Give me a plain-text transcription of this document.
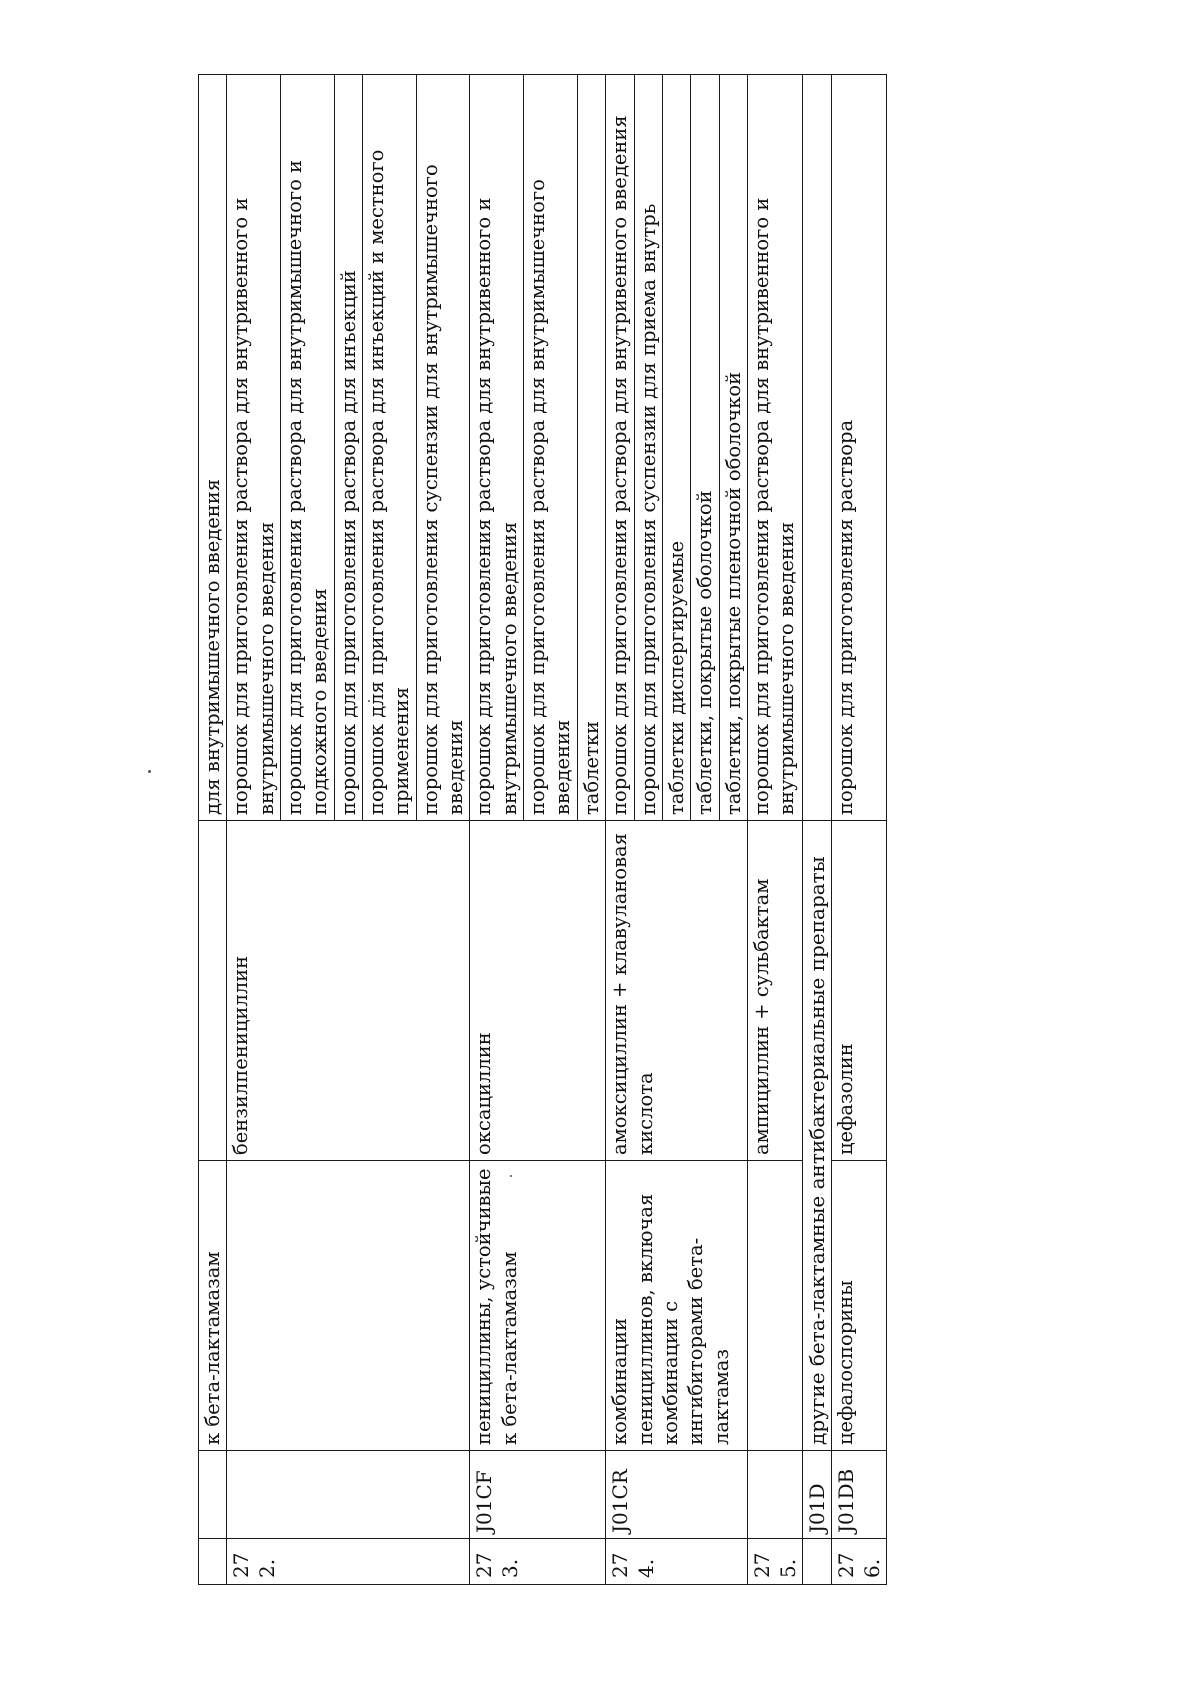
		к бета-лактамазам		для внутримышечного введения
272.			бензилпенициллин	порошок для приготовления раствора для внутривенного и внутримышечного введения
				порошок для приготовления раствора для внутримышечного и подкожного введения
				порошок для приготовления раствора для инъекций
				порошок для приготовления раствора для инъекций и местного применения
				порошок для приготовления суспензии для внутримышечного введения
273.	J01CF	пенициллины, устойчивые к бета-лактамазам	оксациллин	порошок для приготовления раствора для внутривенного и внутримышечного введения
				порошок для приготовления раствора для внутримышечного введения
				таблетки
274.	J01CR	комбинации пенициллинов, включая комбинации с ингибиторами бета-лактамаз	амоксициллин + клавулановая кислота	порошок для приготовления раствора для внутривенного введения
				порошок для приготовления суспензии для приема внутрь
				таблетки диспергируемые
				таблетки, покрытые оболочкой
				таблетки, покрытые пленочной оболочкой
275.			ампициллин + сульбактам	порошок для приготовления раствора для внутривенного и внутримышечного введения
	J01D	другие бета-лактамные антибактериальные препараты		
276.	J01DB	цефалоспорины	цефазолин	порошок для приготовления раствора
